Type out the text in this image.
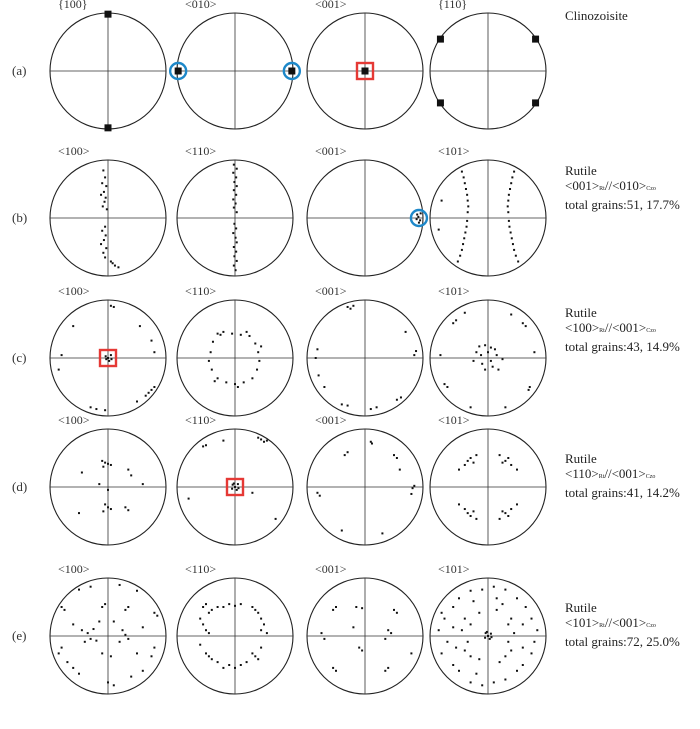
(a)
{100}	<010>	<001>	{110}
(b)
<100>	<110>	<001>	<101>
(c)
<100>	<110>	<001>	<101>
(d)
<100>	<110>	<001>	<101>
(e)
<100>	<110>	<001>	<101>
Clinozoisite
Rutile
<001>Rt//<010>Czo
total grains:51, 17.7%
Rutile
<100>Rt//<001>Czo
total grains:43, 14.9%
Rutile
<110>Rt//<001>Czo
total grains:41, 14.2%
Rutile
<101>Rt//<001>Czo
total grains:72, 25.0%
